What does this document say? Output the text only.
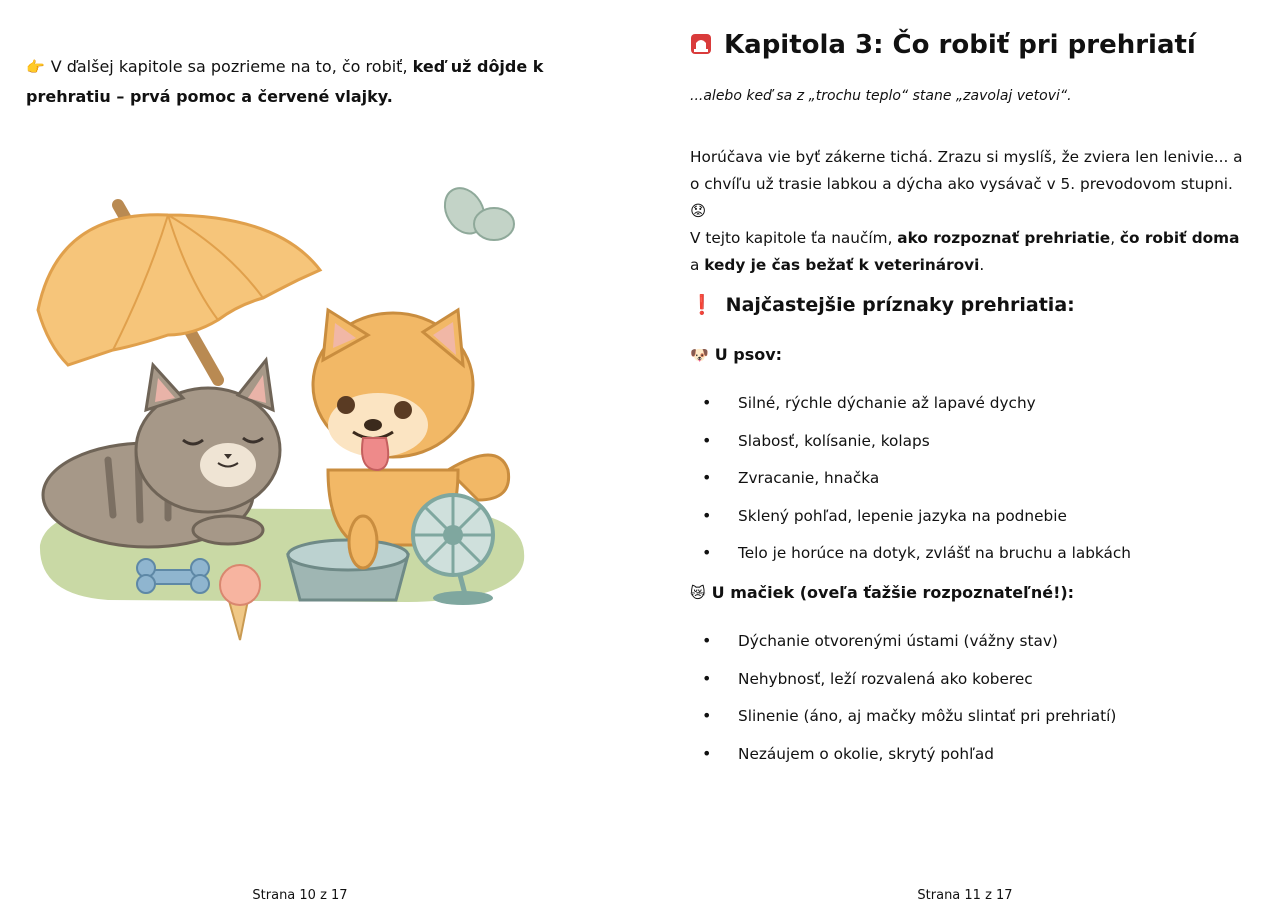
👉 V ďalšej kapitole sa pozrieme na to, čo robiť, keď už dôjde k prehratiu – prvá pomoc a červené vlajky.

Strana 10 z 17
Kapitola 3: Čo robiť pri prehriatí

...alebo keď sa z „trochu teplo“ stane „zavolaj vetovi“.

Horúčava vie byť zákerne tichá. Zrazu si myslíš, že zviera len lenivie... a o chvíľu už trasie labkou a dýcha ako vysávač v 5. prevodovom stupni. 😟
V tejto kapitole ťa naučím, ako rozpoznať prehriatie, čo robiť doma a kedy je čas bežať k veterinárovi.

❗ Najčastejšie príznaky prehriatia:
🐶 U psov:
• Silné, rýchle dýchanie až lapavé dychy
• Slabosť, kolísanie, kolaps
• Zvracanie, hnačka
• Sklený pohľad, lepenie jazyka na podnebie
• Telo je horúce na dotyk, zvlášť na bruchu a labkách
😿 U mačiek (oveľa ťažšie rozpoznateľné!):
• Dýchanie otvorenými ústami (vážny stav)
• Nehybnosť, leží rozvalená ako koberec
• Slinenie (áno, aj mačky môžu slintať pri prehriatí)
• Nezáujem o okolie, skrytý pohľad
Strana 11 z 17
